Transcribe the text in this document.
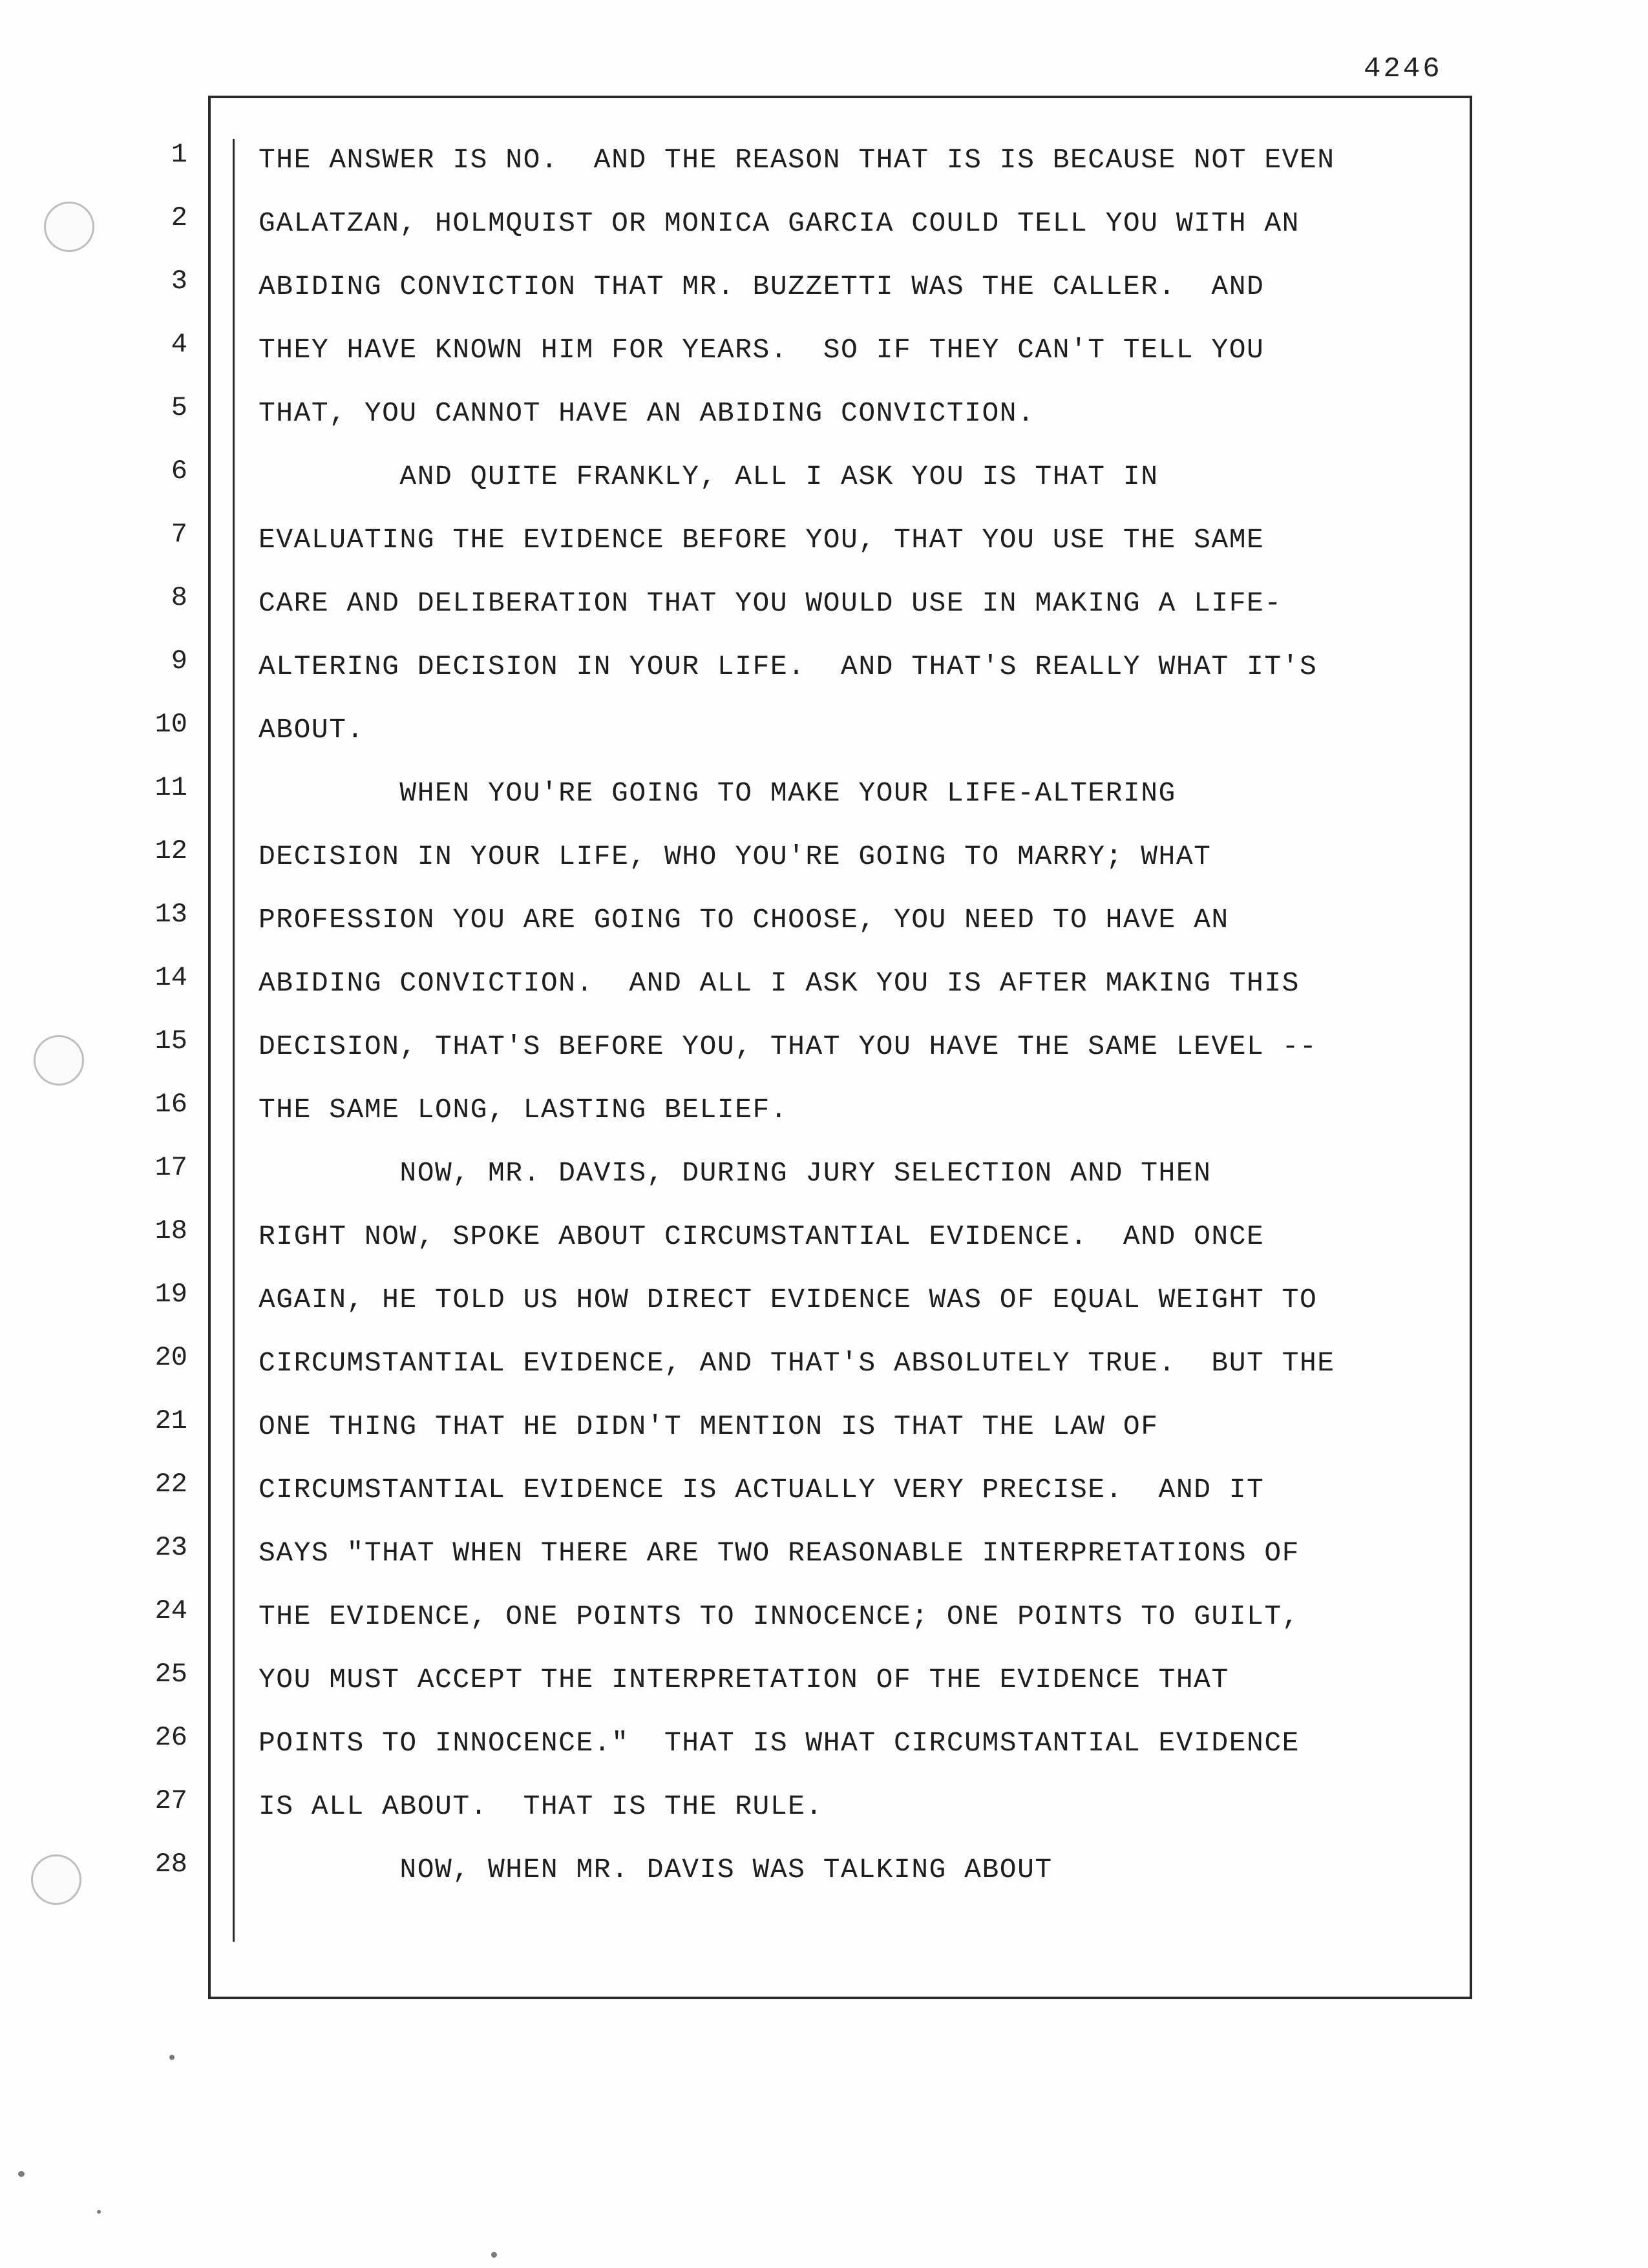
4246
1	THE ANSWER IS NO.  AND THE REASON THAT IS IS BECAUSE NOT EVEN
2	GALATZAN, HOLMQUIST OR MONICA GARCIA COULD TELL YOU WITH AN
3	ABIDING CONVICTION THAT MR. BUZZETTI WAS THE CALLER.  AND
4	THEY HAVE KNOWN HIM FOR YEARS.  SO IF THEY CAN'T TELL YOU
5	THAT, YOU CANNOT HAVE AN ABIDING CONVICTION.
6	AND QUITE FRANKLY, ALL I ASK YOU IS THAT IN
7	EVALUATING THE EVIDENCE BEFORE YOU, THAT YOU USE THE SAME
8	CARE AND DELIBERATION THAT YOU WOULD USE IN MAKING A LIFE-
9	ALTERING DECISION IN YOUR LIFE.  AND THAT'S REALLY WHAT IT'S
10	ABOUT.
11	WHEN YOU'RE GOING TO MAKE YOUR LIFE-ALTERING
12	DECISION IN YOUR LIFE, WHO YOU'RE GOING TO MARRY; WHAT
13	PROFESSION YOU ARE GOING TO CHOOSE, YOU NEED TO HAVE AN
14	ABIDING CONVICTION.  AND ALL I ASK YOU IS AFTER MAKING THIS
15	DECISION, THAT'S BEFORE YOU, THAT YOU HAVE THE SAME LEVEL --
16	THE SAME LONG, LASTING BELIEF.
17	NOW, MR. DAVIS, DURING JURY SELECTION AND THEN
18	RIGHT NOW, SPOKE ABOUT CIRCUMSTANTIAL EVIDENCE.  AND ONCE
19	AGAIN, HE TOLD US HOW DIRECT EVIDENCE WAS OF EQUAL WEIGHT TO
20	CIRCUMSTANTIAL EVIDENCE, AND THAT'S ABSOLUTELY TRUE.  BUT THE
21	ONE THING THAT HE DIDN'T MENTION IS THAT THE LAW OF
22	CIRCUMSTANTIAL EVIDENCE IS ACTUALLY VERY PRECISE.  AND IT
23	SAYS "THAT WHEN THERE ARE TWO REASONABLE INTERPRETATIONS OF
24	THE EVIDENCE, ONE POINTS TO INNOCENCE; ONE POINTS TO GUILT,
25	YOU MUST ACCEPT THE INTERPRETATION OF THE EVIDENCE THAT
26	POINTS TO INNOCENCE."  THAT IS WHAT CIRCUMSTANTIAL EVIDENCE
27	IS ALL ABOUT.  THAT IS THE RULE.
28	NOW, WHEN MR. DAVIS WAS TALKING ABOUT
